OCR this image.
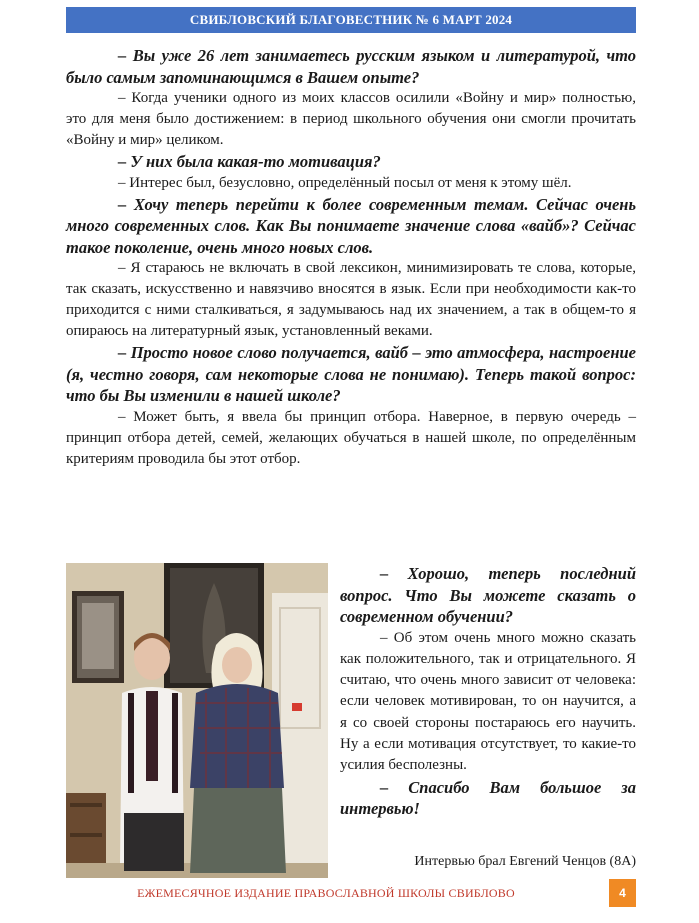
СВИБЛОВСКИЙ БЛАГОВЕСТНИК № 6 МАРТ 2024

– Вы уже 26 лет занимаетесь русским языком и литературой, что было самым запоминающимся в Вашем опыте?

– Когда ученики одного из моих классов осилили «Войну и мир» полностью, это для меня было достижением: в период школьного обучения они смогли прочитать «Войну и мир» целиком.

– У них была какая-то мотивация?

– Интерес был, безусловно, определённый посыл от меня к этому шёл.

– Хочу теперь перейти к более современным темам. Сейчас очень много современных слов. Как Вы понимаете значение слова «вайб»? Сейчас такое поколение, очень много новых слов.

– Я стараюсь не включать в свой лексикон, минимизировать те слова, которые, так сказать, искусственно и навязчиво вносятся в язык. Если при необходимости как-то приходится с ними сталкиваться, я задумываюсь над их значением, а так в общем-то я опираюсь на литературный язык, установленный веками.

– Просто новое слово получается, вайб – это атмосфера, настроение (я, честно говоря, сам некоторые слова не понимаю). Теперь такой вопрос: что бы Вы изменили в нашей школе?

– Может быть, я ввела бы принцип отбора. Наверное, в первую очередь – принцип отбора детей, семей, желающих обучаться в нашей школе, по определённым критериям проводила бы этот отбор.

– Хорошо, теперь последний вопрос. Что Вы можете сказать о современном обучении?

– Об этом очень много можно сказать как положительного, так и отрицательного. Я считаю, что очень много зависит от человека: если человек мотивирован, то он научится, а я со своей стороны постараюсь его научить. Ну а если мотивация отсутствует, то какие-то усилия бесполезны.

– Спасибо Вам большое за интервью!

Интервью брал Евгений Ченцов (8А)
ЕЖЕМЕСЯЧНОЕ ИЗДАНИЕ ПРАВОСЛАВНОЙ ШКОЛЫ СВИБЛОВО	4
